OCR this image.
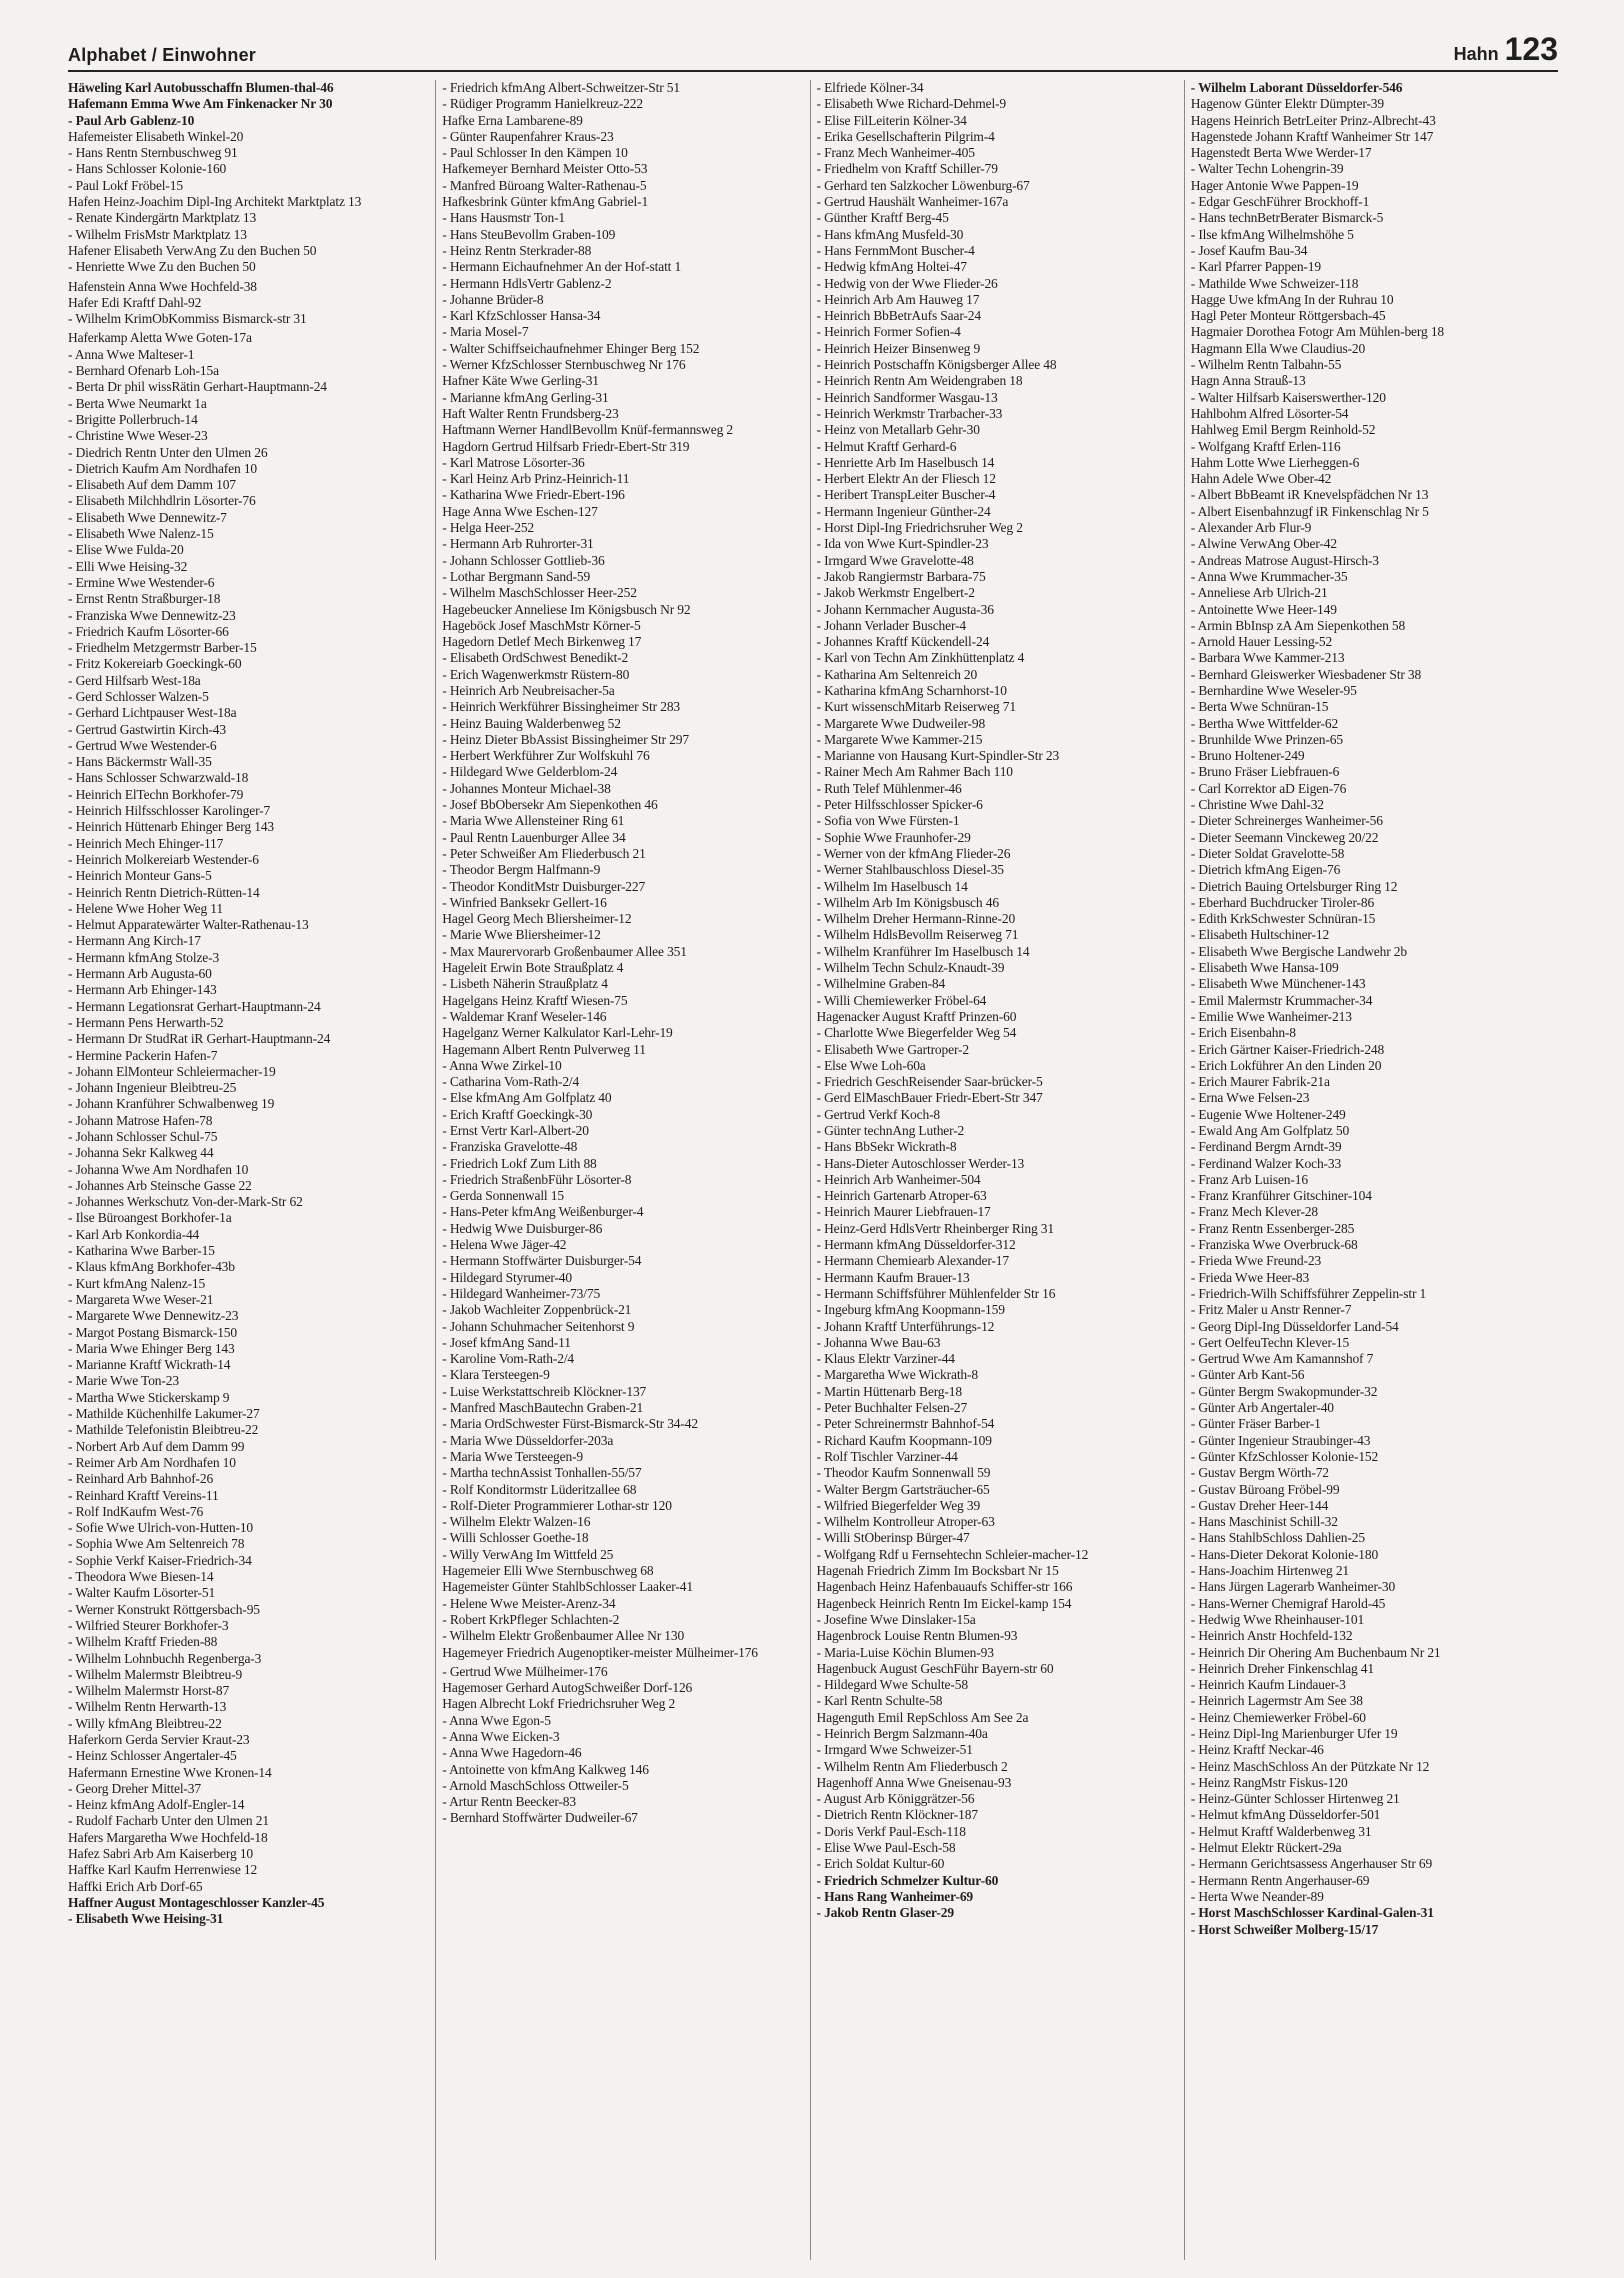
Alphabet / Einwohner	Hahn 123
Häweling Karl Autobusschaffn Blumen-thal-46
Hafemann Emma Wwe Am Finkenacker Nr 30
- Paul Arb Gablenz-10
Hafemeister Elisabeth Winkel-20
- Hans Rentn Sternbuschweg 91
- Hans Schlosser Kolonie-160
- Paul Lokf Fröbel-15
Hafen Heinz-Joachim Dipl-Ing Architekt Marktplatz 13
- Renate Kindergärtn Marktplatz 13
- Wilhelm FrisMstr Marktplatz 13
Hafener Elisabeth VerwAng Zu den Buchen 50
- Henriette Wwe Zu den Buchen 50
Hafenstein Anna Wwe Hochfeld-38
Hafer Edi Kraftf Dahl-92
- Wilhelm KrimObKommiss Bismarck-str 31
Haferkamp Aletta Wwe Goten-17a
- Anna Wwe Malteser-1
- Bernhard Ofenarb Loh-15a
- Berta Dr phil wissRätin Gerhart-Hauptmann-24
- Berta Wwe Neumarkt 1a
- Brigitte Pollerbruch-14
- Christine Wwe Weser-23
- Diedrich Rentn Unter den Ulmen 26
- Dietrich Kaufm Am Nordhafen 10
- Elisabeth Auf dem Damm 107
- Elisabeth Milchhdlrin Lösorter-76
- Elisabeth Wwe Dennewitz-7
- Elisabeth Wwe Nalenz-15
- Elise Wwe Fulda-20
- Elli Wwe Heising-32
- Ermine Wwe Westender-6
- Ernst Rentn Straßburger-18
- Franziska Wwe Dennewitz-23
- Friedrich Kaufm Lösorter-66
- Friedhelm Metzgermstr Barber-15
- Fritz Kokereiarb Goeckingk-60
- Gerd Hilfsarb West-18a
- Gerd Schlosser Walzen-5
- Gerhard Lichtpauser West-18a
- Gertrud Gastwirtin Kirch-43
- Gertrud Wwe Westender-6
- Hans Bäckermstr Wall-35
- Hans Schlosser Schwarzwald-18
- Heinrich ElTechn Borkhofer-79
- Heinrich Hilfsschlosser Karolinger-7
- Heinrich Hüttenarb Ehinger Berg 143
- Heinrich Mech Ehinger-117
- Heinrich Molkereiarb Westender-6
- Heinrich Monteur Gans-5
- Heinrich Rentn Dietrich-Rütten-14
- Helene Wwe Hoher Weg 11
- Helmut Apparatewärter Walter-Rathenau-13
- Hermann Ang Kirch-17
- Hermann kfmAng Stolze-3
- Hermann Arb Augusta-60
- Hermann Arb Ehinger-143
- Hermann Legationsrat Gerhart-Hauptmann-24
- Hermann Pens Herwarth-52
- Hermann Dr StudRat iR Gerhart-Hauptmann-24
- Hermine Packerin Hafen-7
- Johann ElMonteur Schleiermacher-19
- Johann Ingenieur Bleibtreu-25
- Johann Kranführer Schwalbenweg 19
- Johann Matrose Hafen-78
- Johann Schlosser Schul-75
- Johanna Sekr Kalkweg 44
- Johanna Wwe Am Nordhafen 10
- Johannes Arb Steinsche Gasse 22
- Johannes Werkschutz Von-der-Mark-Str 62
- Ilse Büroangest Borkhofer-1a
- Karl Arb Konkordia-44
- Katharina Wwe Barber-15
- Klaus kfmAng Borkhofer-43b
- Kurt kfmAng Nalenz-15
- Margareta Wwe Weser-21
- Margarete Wwe Dennewitz-23
- Margot Postang Bismarck-150
- Maria Wwe Ehinger Berg 143
- Marianne Kraftf Wickrath-14
- Marie Wwe Ton-23
- Martha Wwe Stickerskamp 9
- Mathilde Küchenhilfe Lakumer-27
- Mathilde Telefonistin Bleibtreu-22
- Norbert Arb Auf dem Damm 99
- Reimer Arb Am Nordhafen 10
- Reinhard Arb Bahnhof-26
- Reinhard Kraftf Vereins-11
- Rolf IndKaufm West-76
- Sofie Wwe Ulrich-von-Hutten-10
- Sophia Wwe Am Seltenreich 78
- Sophie Verkf Kaiser-Friedrich-34
- Theodora Wwe Biesen-14
- Walter Kaufm Lösorter-51
- Werner Konstrukt Röttgersbach-95
- Wilfried Steurer Borkhofer-3
- Wilhelm Kraftf Frieden-88
- Wilhelm Lohnbuchh Regenberga-3
- Wilhelm Malermstr Bleibtreu-9
- Wilhelm Malermstr Horst-87
- Wilhelm Rentn Herwarth-13
- Willy kfmAng Bleibtreu-22
Haferkorn Gerda Servier Kraut-23
- Heinz Schlosser Angertaler-45
Hafermann Ernestine Wwe Kronen-14
- Georg Dreher Mittel-37
- Heinz kfmAng Adolf-Engler-14
- Rudolf Facharb Unter den Ulmen 21
Hafers Margaretha Wwe Hochfeld-18
Hafez Sabri Arb Am Kaiserberg 10
Haffke Karl Kaufm Herrenwiese 12
Haffki Erich Arb Dorf-65
Haffner August Montageschlosser Kanzler-45
- Elisabeth Wwe Heising-31
- Friedrich kfmAng Albert-Schweitzer-Str 51
- Rüdiger Programm Hanielkreuz-222
Hafke Erna Lambarene-89
- Günter Raupenfahrer Kraus-23
- Paul Schlosser In den Kämpen 10
Hafkemeyer Bernhard Meister Otto-53
- Manfred Büroang Walter-Rathenau-5
Hafkesbrink Günter kfmAng Gabriel-1
- Hans Hausmstr Ton-1
- Hans SteuBevollm Graben-109
- Heinz Rentn Sterkrader-88
- Hermann Eichaufnehmer An der Hof-statt 1
- Hermann HdlsVertr Gablenz-2
- Johanne Brüder-8
- Karl KfzSchlosser Hansa-34
- Maria Mosel-7
- Walter Schiffseichaufnehmer Ehinger Berg 152
- Werner KfzSchlosser Sternbuschweg Nr 176
Hafner Käte Wwe Gerling-31
- Marianne kfmAng Gerling-31
Haft Walter Rentn Frundsberg-23
Haftmann Werner HandlBevollm Knüf-fermannsweg 2
Hagdorn Gertrud Hilfsarb Friedr-Ebert-Str 319
- Karl Matrose Lösorter-36
- Karl Heinz Arb Prinz-Heinrich-11
- Katharina Wwe Friedr-Ebert-196
Hage Anna Wwe Eschen-127
- Helga Heer-252
- Hermann Arb Ruhrorter-31
- Johann Schlosser Gottlieb-36
- Lothar Bergmann Sand-59
- Wilhelm MaschSchlosser Heer-252
Hagebeucker Anneliese Im Königsbusch Nr 92
Hageböck Josef MaschMstr Körner-5
Hagedorn Detlef Mech Birkenweg 17
- Elisabeth OrdSchwest Benedikt-2
- Erich Wagenwerkmstr Rüstern-80
- Heinrich Arb Neubreisacher-5a
- Heinrich Werkführer Bissingheimer Str 283
- Heinz Bauing Walderbenweg 52
- Heinz Dieter BbAssist Bissingheimer Str 297
- Herbert Werkführer Zur Wolfskuhl 76
- Hildegard Wwe Gelderblom-24
- Johannes Monteur Michael-38
- Josef BbObersekr Am Siepenkothen 46
- Maria Wwe Allensteiner Ring 61
- Paul Rentn Lauenburger Allee 34
- Peter Schweißer Am Fliederbusch 21
- Theodor Bergm Halfmann-9
- Theodor KonditMstr Duisburger-227
- Winfried Banksekr Gellert-16
Hagel Georg Mech Bliersheimer-12
- Marie Wwe Bliersheimer-12
- Max Maurervorarb Großenbaumer Allee 351
Hageleit Erwin Bote Straußplatz 4
- Lisbeth Näherin Straußplatz 4
Hagelgans Heinz Kraftf Wiesen-75
- Waldemar Kranf Weseler-146
Hagelganz Werner Kalkulator Karl-Lehr-19
Hagemann Albert Rentn Pulverweg 11
- Anna Wwe Zirkel-10
- Catharina Vom-Rath-2/4
- Else kfmAng Am Golfplatz 40
- Erich Kraftf Goeckingk-30
- Ernst Vertr Karl-Albert-20
- Franziska Gravelotte-48
- Friedrich Lokf Zum Lith 88
- Friedrich StraßenbFühr Lösorter-8
- Gerda Sonnenwall 15
- Hans-Peter kfmAng Weißenburger-4
- Hedwig Wwe Duisburger-86
- Helena Wwe Jäger-42
- Hermann Stoffwärter Duisburger-54
- Hildegard Styrumer-40
- Hildegard Wanheimer-73/75
- Jakob Wachleiter Zoppenbrück-21
- Johann Schuhmacher Seitenhorst 9
- Josef kfmAng Sand-11
- Karoline Vom-Rath-2/4
- Klara Tersteegen-9
- Luise Werkstattschreib Klöckner-137
- Manfred MaschBautechn Graben-21
- Maria OrdSchwester Fürst-Bismarck-Str 34-42
- Maria Wwe Düsseldorfer-203a
- Maria Wwe Tersteegen-9
- Martha technAssist Tonhallen-55/57
- Rolf Konditormstr Lüderitzallee 68
- Rolf-Dieter Programmierer Lothar-str 120
- Wilhelm Elektr Walzen-16
- Willi Schlosser Goethe-18
- Willy VerwAng Im Wittfeld 25
Hagemeier Elli Wwe Sternbuschweg 68
Hagemeister Günter StahlbSchlosser Laaker-41
- Helene Wwe Meister-Arenz-34
- Robert KrkPfleger Schlachten-2
- Wilhelm Elektr Großenbaumer Allee Nr 130
Hagemeyer Friedrich Augenoptiker-meister Mülheimer-176
- Gertrud Wwe Mülheimer-176
Hagemoser Gerhard AutogSchweißer Dorf-126
Hagen Albrecht Lokf Friedrichsruher Weg 2
- Anna Wwe Egon-5
- Anna Wwe Eicken-3
- Anna Wwe Hagedorn-46
- Antoinette von kfmAng Kalkweg 146
- Arnold MaschSchloss Ottweiler-5
- Artur Rentn Beecker-83
- Bernhard Stoffwärter Dudweiler-67
- Elfriede Kölner-34
- Elisabeth Wwe Richard-Dehmel-9
- Elise FilLeiterin Kölner-34
- Erika Gesellschafterin Pilgrim-4
- Franz Mech Wanheimer-405
- Friedhelm von Kraftf Schiller-79
- Gerhard ten Salzkocher Löwenburg-67
- Gertrud Haushält Wanheimer-167a
- Günther Kraftf Berg-45
- Hans kfmAng Musfeld-30
- Hans FernmMont Buscher-4
- Hedwig kfmAng Holtei-47
- Hedwig von der Wwe Flieder-26
- Heinrich Arb Am Hauweg 17
- Heinrich BbBetrAufs Saar-24
- Heinrich Former Sofien-4
- Heinrich Heizer Binsenweg 9
- Heinrich Postschaffn Königsberger Allee 48
- Heinrich Rentn Am Weidengraben 18
- Heinrich Sandformer Wasgau-13
- Heinrich Werkmstr Trarbacher-33
- Heinz von Metallarb Gehr-30
- Helmut Kraftf Gerhard-6
- Henriette Arb Im Haselbusch 14
- Herbert Elektr An der Fliesch 12
- Heribert TranspLeiter Buscher-4
- Hermann Ingenieur Günther-24
- Horst Dipl-Ing Friedrichsruher Weg 2
- Ida von Wwe Kurt-Spindler-23
- Irmgard Wwe Gravelotte-48
- Jakob Rangiermstr Barbara-75
- Jakob Werkmstr Engelbert-2
- Johann Kernmacher Augusta-36
- Johann Verlader Buscher-4
- Johannes Kraftf Kückendell-24
- Karl von Techn Am Zinkhüttenplatz 4
- Katharina Am Seltenreich 20
- Katharina kfmAng Scharnhorst-10
- Kurt wissenschMitarb Reiserweg 71
- Margarete Wwe Dudweiler-98
- Margarete Wwe Kammer-215
- Marianne von Hausang Kurt-Spindler-Str 23
- Rainer Mech Am Rahmer Bach 110
- Ruth Telef Mühlenmer-46
- Peter Hilfsschlosser Spicker-6
- Sofia von Wwe Fürsten-1
- Sophie Wwe Fraunhofer-29
- Werner von der kfmAng Flieder-26
- Werner Stahlbauschloss Diesel-35
- Wilhelm Im Haselbusch 14
- Wilhelm Arb Im Königsbusch 46
- Wilhelm Dreher Hermann-Rinne-20
- Wilhelm HdlsBevollm Reiserweg 71
- Wilhelm Kranführer Im Haselbusch 14
- Wilhelm Techn Schulz-Knaudt-39
- Wilhelmine Graben-84
- Willi Chemiewerker Fröbel-64
Hagenacker August Kraftf Prinzen-60
- Charlotte Wwe Biegerfelder Weg 54
- Elisabeth Wwe Gartroper-2
- Else Wwe Loh-60a
- Friedrich GeschReisender Saar-brücker-5
- Gerd ElMaschBauer Friedr-Ebert-Str 347
- Gertrud Verkf Koch-8
- Günter technAng Luther-2
- Hans BbSekr Wickrath-8
- Hans-Dieter Autoschlosser Werder-13
- Heinrich Arb Wanheimer-504
- Heinrich Gartenarb Atroper-63
- Heinrich Maurer Liebfrauen-17
- Heinz-Gerd HdlsVertr Rheinberger Ring 31
- Hermann kfmAng Düsseldorfer-312
- Hermann Chemiearb Alexander-17
- Hermann Kaufm Brauer-13
- Hermann Schiffsführer Mühlenfelder Str 16
- Ingeburg kfmAng Koopmann-159
- Johann Kraftf Unterführungs-12
- Johanna Wwe Bau-63
- Klaus Elektr Varziner-44
- Margaretha Wwe Wickrath-8
- Martin Hüttenarb Berg-18
- Peter Buchhalter Felsen-27
- Peter Schreinermstr Bahnhof-54
- Richard Kaufm Koopmann-109
- Rolf Tischler Varziner-44
- Theodor Kaufm Sonnenwall 59
- Walter Bergm Gartsträucher-65
- Wilfried Biegerfelder Weg 39
- Wilhelm Kontrolleur Atroper-63
- Willi StOberinsp Bürger-47
- Wolfgang Rdf u Fernsehtechn Schleier-macher-12
Hagenah Friedrich Zimm Im Bocksbart Nr 15
Hagenbach Heinz Hafenbauaufs Schiffer-str 166
Hagenbeck Heinrich Rentn Im Eickel-kamp 154
- Josefine Wwe Dinslaker-15a
Hagenbrock Louise Rentn Blumen-93
- Maria-Luise Köchin Blumen-93
Hagenbuck August GeschFühr Bayern-str 60
- Hildegard Wwe Schulte-58
- Karl Rentn Schulte-58
Hagenguth Emil RepSchloss Am See 2a
- Heinrich Bergm Salzmann-40a
- Irmgard Wwe Schweizer-51
- Wilhelm Rentn Am Fliederbusch 2
Hagenhoff Anna Wwe Gneisenau-93
- August Arb Königgrätzer-56
- Dietrich Rentn Klöckner-187
- Doris Verkf Paul-Esch-118
- Elise Wwe Paul-Esch-58
- Erich Soldat Kultur-60
- Friedrich Schmelzer Kultur-60
- Hans Rang Wanheimer-69
- Jakob Rentn Glaser-29
- Wilhelm Laborant Düsseldorfer-546
Hagenow Günter Elektr Dümpter-39
Hagens Heinrich BetrLeiter Prinz-Albrecht-43
Hagenstede Johann Kraftf Wanheimer Str 147
Hagenstedt Berta Wwe Werder-17
- Walter Techn Lohengrin-39
Hager Antonie Wwe Pappen-19
- Edgar GeschFührer Brockhoff-1
- Hans technBetrBerater Bismarck-5
- Ilse kfmAng Wilhelmshöhe 5
- Josef Kaufm Bau-34
- Karl Pfarrer Pappen-19
- Mathilde Wwe Schweizer-118
Hagge Uwe kfmAng In der Ruhrau 10
Hagl Peter Monteur Röttgersbach-45
Hagmaier Dorothea Fotogr Am Mühlen-berg 18
Hagmann Ella Wwe Claudius-20
- Wilhelm Rentn Talbahn-55
Hagn Anna Strauß-13
- Walter Hilfsarb Kaiserswerther-120
Hahlbohm Alfred Lösorter-54
Hahlweg Emil Bergm Reinhold-52
- Wolfgang Kraftf Erlen-116
Hahm Lotte Wwe Lierheggen-6
Hahn Adele Wwe Ober-42
- Albert BbBeamt iR Knevelspfädchen Nr 13
- Albert Eisenbahnzugf iR Finkenschlag Nr 5
- Alexander Arb Flur-9
- Alwine VerwAng Ober-42
- Andreas Matrose August-Hirsch-3
- Anna Wwe Krummacher-35
- Anneliese Arb Ulrich-21
- Antoinette Wwe Heer-149
- Armin BbInsp zA Am Siepenkothen 58
- Arnold Hauer Lessing-52
- Barbara Wwe Kammer-213
- Bernhard Gleiswerker Wiesbadener Str 38
- Bernhardine Wwe Weseler-95
- Berta Wwe Schnüran-15
- Bertha Wwe Wittfelder-62
- Brunhilde Wwe Prinzen-65
- Bruno Holtener-249
- Bruno Fräser Liebfrauen-6
- Carl Korrektor aD Eigen-76
- Christine Wwe Dahl-32
- Dieter Schreinerges Wanheimer-56
- Dieter Seemann Vinckeweg 20/22
- Dieter Soldat Gravelotte-58
- Dietrich kfmAng Eigen-76
- Dietrich Bauing Ortelsburger Ring 12
- Eberhard Buchdrucker Tiroler-86
- Edith KrkSchwester Schnüran-15
- Elisabeth Hultschiner-12
- Elisabeth Wwe Bergische Landwehr 2b
- Elisabeth Wwe Hansa-109
- Elisabeth Wwe Münchener-143
- Emil Malermstr Krummacher-34
- Emilie Wwe Wanheimer-213
- Erich Eisenbahn-8
- Erich Gärtner Kaiser-Friedrich-248
- Erich Lokführer An den Linden 20
- Erich Maurer Fabrik-21a
- Erna Wwe Felsen-23
- Eugenie Wwe Holtener-249
- Ewald Ang Am Golfplatz 50
- Ferdinand Bergm Arndt-39
- Ferdinand Walzer Koch-33
- Franz Arb Luisen-16
- Franz Kranführer Gitschiner-104
- Franz Mech Klever-28
- Franz Rentn Essenberger-285
- Franziska Wwe Overbruck-68
- Frieda Wwe Freund-23
- Frieda Wwe Heer-83
- Friedrich-Wilh Schiffsführer Zeppelin-str 1
- Fritz Maler u Anstr Renner-7
- Georg Dipl-Ing Düsseldorfer Land-54
- Gert OelfeuTechn Klever-15
- Gertrud Wwe Am Kamannshof 7
- Günter Arb Kant-56
- Günter Bergm Swakopmunder-32
- Günter Arb Angertaler-40
- Günter Fräser Barber-1
- Günter Ingenieur Straubinger-43
- Günter KfzSchlosser Kolonie-152
- Gustav Bergm Wörth-72
- Gustav Büroang Fröbel-99
- Gustav Dreher Heer-144
- Hans Maschinist Schill-32
- Hans StahlbSchloss Dahlien-25
- Hans-Dieter Dekorat Kolonie-180
- Hans-Joachim Hirtenweg 21
- Hans Jürgen Lagerarb Wanheimer-30
- Hans-Werner Chemigraf Harold-45
- Hedwig Wwe Rheinhauser-101
- Heinrich Anstr Hochfeld-132
- Heinrich Dir Ohering Am Buchenbaum Nr 21
- Heinrich Dreher Finkenschlag 41
- Heinrich Kaufm Lindauer-3
- Heinrich Lagermstr Am See 38
- Heinz Chemiewerker Fröbel-60
- Heinz Dipl-Ing Marienburger Ufer 19
- Heinz Kraftf Neckar-46
- Heinz MaschSchloss An der Pützkate Nr 12
- Heinz RangMstr Fiskus-120
- Heinz-Günter Schlosser Hirtenweg 21
- Helmut kfmAng Düsseldorfer-501
- Helmut Kraftf Walderbenweg 31
- Helmut Elektr Rückert-29a
- Hermann Gerichtsassess Angerhauser Str 69
- Hermann Rentn Angerhauser-69
- Herta Wwe Neander-89
- Horst MaschSchlosser Kardinal-Galen-31
- Horst Schweißer Molberg-15/17
